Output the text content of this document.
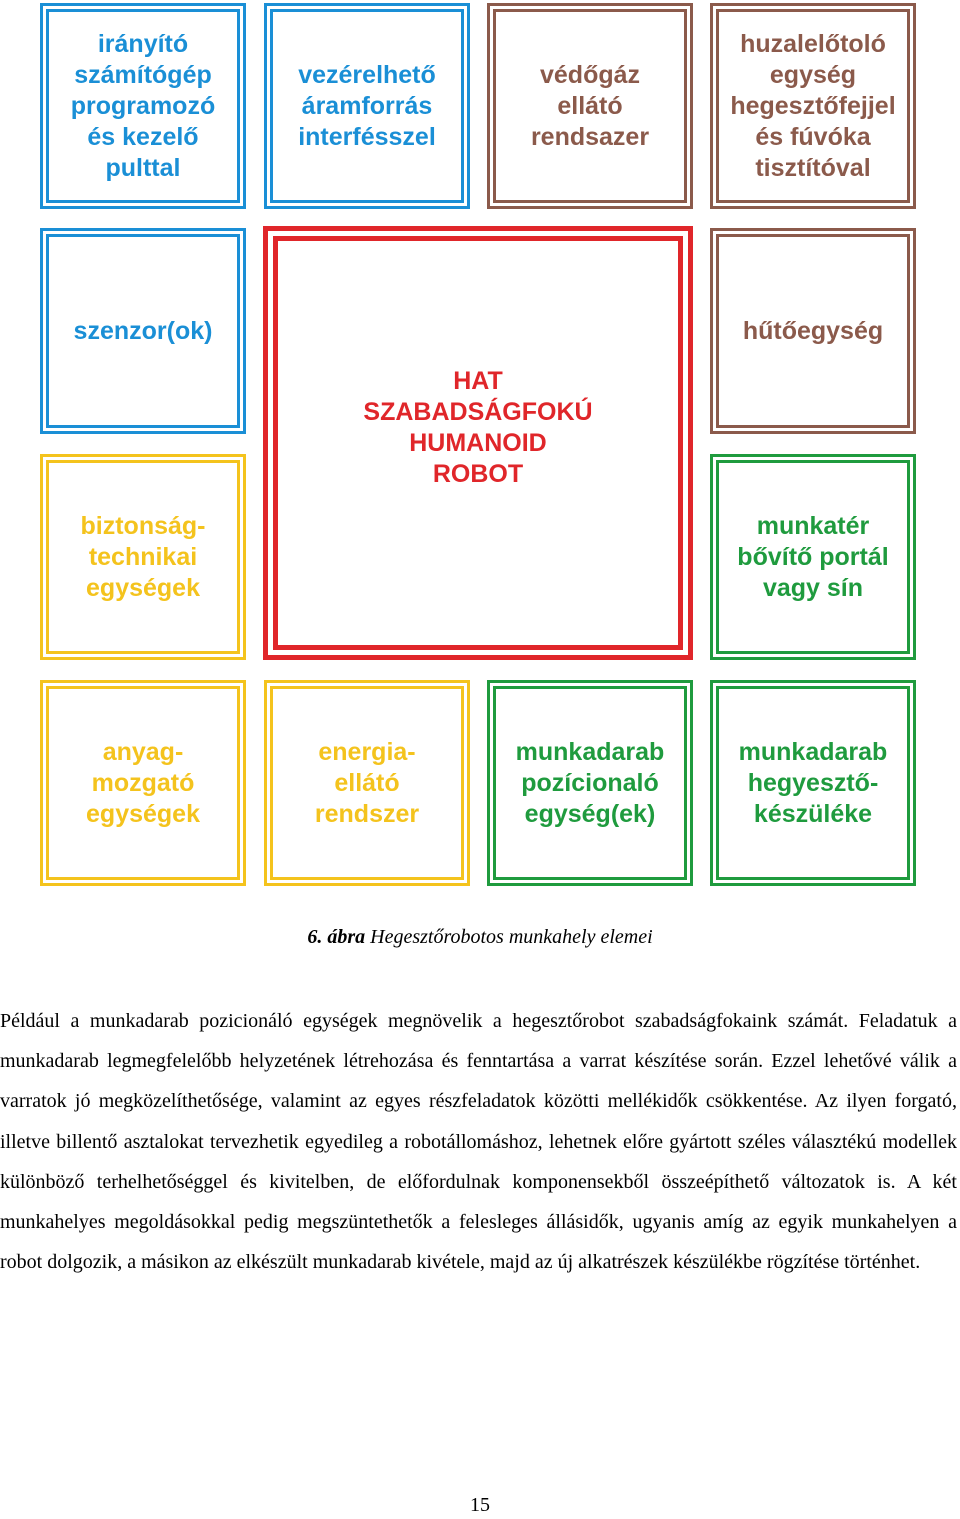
irányító
számítógép
programozó
és kezelő
pulttal
vezérelhető
áramforrás
interfésszel
védőgáz
ellátó
rendsazer
huzalelőtoló
egység
hegesztőfejjel
és fúvóka
tisztítóval
szenzor(ok)
HAT
SZABADSÁGFOKÚ
HUMANOID
ROBOT
hűtőegység
biztonság-
technikai
egységek
munkatér
bővítő portál
vagy sín
anyag-
mozgató
egységek
energia-
ellátó
rendszer
munkadarab
pozícionaló
egység(ek)
munkadarab
hegyesztő-
készüléke
6. ábra Hegesztőrobotos munkahely elemei

Például a munkadarab pozicionáló egységek megnövelik a hegesztőrobot szabadságfokaink számát. Feladatuk a munkadarab legmegfelelőbb helyzetének létrehozása és fenntartása a varrat készítése során. Ezzel lehetővé válik a varratok jó megközelíthetősége, valamint az egyes részfeladatok közötti mellékidők csökkentése. Az ilyen forgató, illetve billentő asztalokat tervezhetik egyedileg a robotállomáshoz, lehetnek előre gyártott széles választékú modellek különböző terhelhetőséggel és kivitelben, de előfordulnak komponensekből összeépíthető változatok is. A két munkahelyes megoldásokkal pedig megszüntethetők a felesleges állásidők, ugyanis amíg az egyik munkahelyen a robot dolgozik, a másikon az elkészült munkadarab kivétele, majd az új alkatrészek készülékbe rögzítése történhet.

15
